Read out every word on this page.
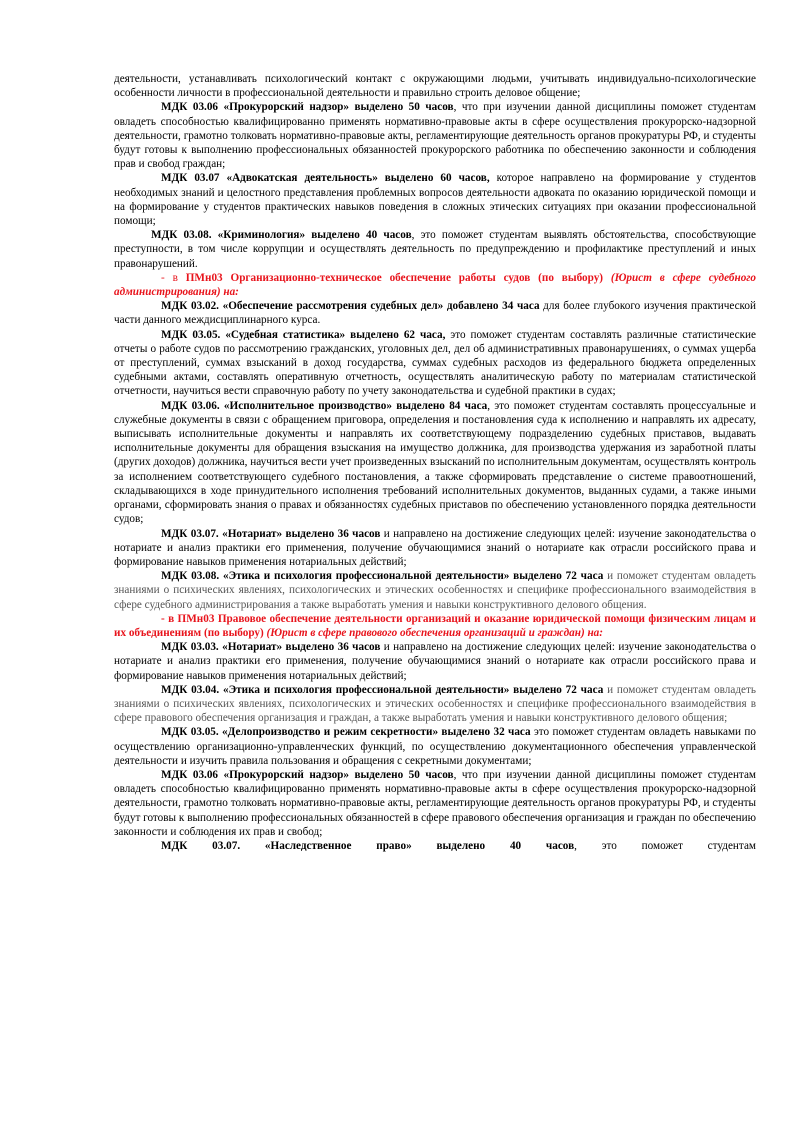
деятельности, устанавливать психологический контакт с окружающими людьми, учитывать индивидуально-психологические особенности личности в профессиональной деятельности и правильно строить деловое общение;

МДК 03.06 «Прокурорский надзор» выделено 50 часов, что при изучении данной дисциплины поможет студентам овладеть способностью квалифицированно применять нормативно-правовые акты в сфере осуществления прокурорско-надзорной деятельности, грамотно толковать нормативно-правовые акты, регламентирующие деятельность органов прокуратуры РФ, и студенты будут готовы к выполнению профессиональных обязанностей прокурорского работника по обеспечению законности и соблюдения прав и свобод граждан;

МДК 03.07 «Адвокатская деятельность» выделено 60 часов, которое направлено на формирование у студентов необходимых знаний и целостного представления проблемных вопросов деятельности адвоката по оказанию юридической помощи и на формирование у студентов практических навыков поведения в сложных этических ситуациях при оказании профессиональной помощи;

МДК 03.08. «Криминология» выделено 40 часов, это поможет студентам выявлять обстоятельства, способствующие преступности, в том числе коррупции и осуществлять деятельность по предупреждению и профилактике преступлений и иных правонарушений.

- в ПМн03 Организационно-техническое обеспечение работы судов (по выбору) (Юрист в сфере судебного администрирования) на:

МДК 03.02. «Обеспечение рассмотрения судебных дел» добавлено 34 часа для более глубокого изучения практической части данного междисциплинарного курса.

МДК 03.05. «Судебная статистика» выделено 62 часа, это поможет студентам составлять различные статистические отчеты о работе судов по рассмотрению гражданских, уголовных дел, дел об административных правонарушениях, о суммах ущерба от преступлений, суммах взысканий в доход государства, суммах судебных расходов из федерального бюджета определенных судебными актами, составлять оперативную отчетность, осуществлять аналитическую работу по материалам статистической отчетности, научиться вести справочную работу по учету законодательства и судебной практики в судах;

МДК 03.06. «Исполнительное производство» выделено 84 часа, это поможет студентам составлять процессуальные и служебные документы в связи с обращением приговора, определения и постановления суда к исполнению и направлять их адресату, выписывать исполнительные документы и направлять их соответствующему подразделению судебных приставов, выдавать исполнительные документы для обращения взыскания на имущество должника, для производства удержания из заработной платы (других доходов) должника, научиться вести учет произведенных взысканий по исполнительным документам, осуществлять контроль за исполнением соответствующего судебного постановления, а также сформировать представление о системе правоотношений, складывающихся в ходе принудительного исполнения требований исполнительных документов, выданных судами, а также иными органами, сформировать знания о правах и обязанностях судебных приставов по обеспечению установленного порядка деятельности судов;

МДК 03.07. «Нотариат» выделено 36 часов и направлено на достижение следующих целей: изучение законодательства о нотариате и анализ практики его применения, получение обучающимися знаний о нотариате как отрасли российского права и формирование навыков применения нотариальных действий;

МДК 03.08. «Этика и психология профессиональной деятельности» выделено 72 часа и поможет студентам овладеть знаниями о психических явлениях, психологических и этических особенностях и специфике профессионального взаимодействия в сфере судебного администрирования а также выработать умения и навыки конструктивного делового общения.

- в ПМн03 Правовое обеспечение деятельности организаций и оказание юридической помощи физическим лицам и их объединениям (по выбору) (Юрист в сфере правового обеспечения организаций и граждан) на:

МДК 03.03. «Нотариат» выделено 36 часов и направлено на достижение следующих целей: изучение законодательства о нотариате и анализ практики его применения, получение обучающимися знаний о нотариате как отрасли российского права и формирование навыков применения нотариальных действий;

МДК 03.04. «Этика и психология профессиональной деятельности» выделено 72 часа и поможет студентам овладеть знаниями о психических явлениях, психологических и этических особенностях и специфике профессионального взаимодействия в сфере правового обеспечения организация и граждан, а также выработать умения и навыки конструктивного делового общения;

МДК 03.05. «Делопроизводство и режим секретности» выделено 32 часа это поможет студентам овладеть навыками по осуществлению организационно-управленческих функций, по осуществлению документационного обеспечения управленческой деятельности и изучить правила пользования и обращения с секретными документами;

МДК 03.06 «Прокурорский надзор» выделено 50 часов, что при изучении данной дисциплины поможет студентам овладеть способностью квалифицированно применять нормативно-правовые акты в сфере осуществления прокурорско-надзорной деятельности, грамотно толковать нормативно-правовые акты, регламентирующие деятельность органов прокуратуры РФ, и студенты будут готовы к выполнению профессиональных обязанностей в сфере правового обеспечения организация и граждан по обеспечению законности и соблюдения их прав и свобод;

МДК 03.07. «Наследственное право» выделено 40 часов, это поможет студентам
